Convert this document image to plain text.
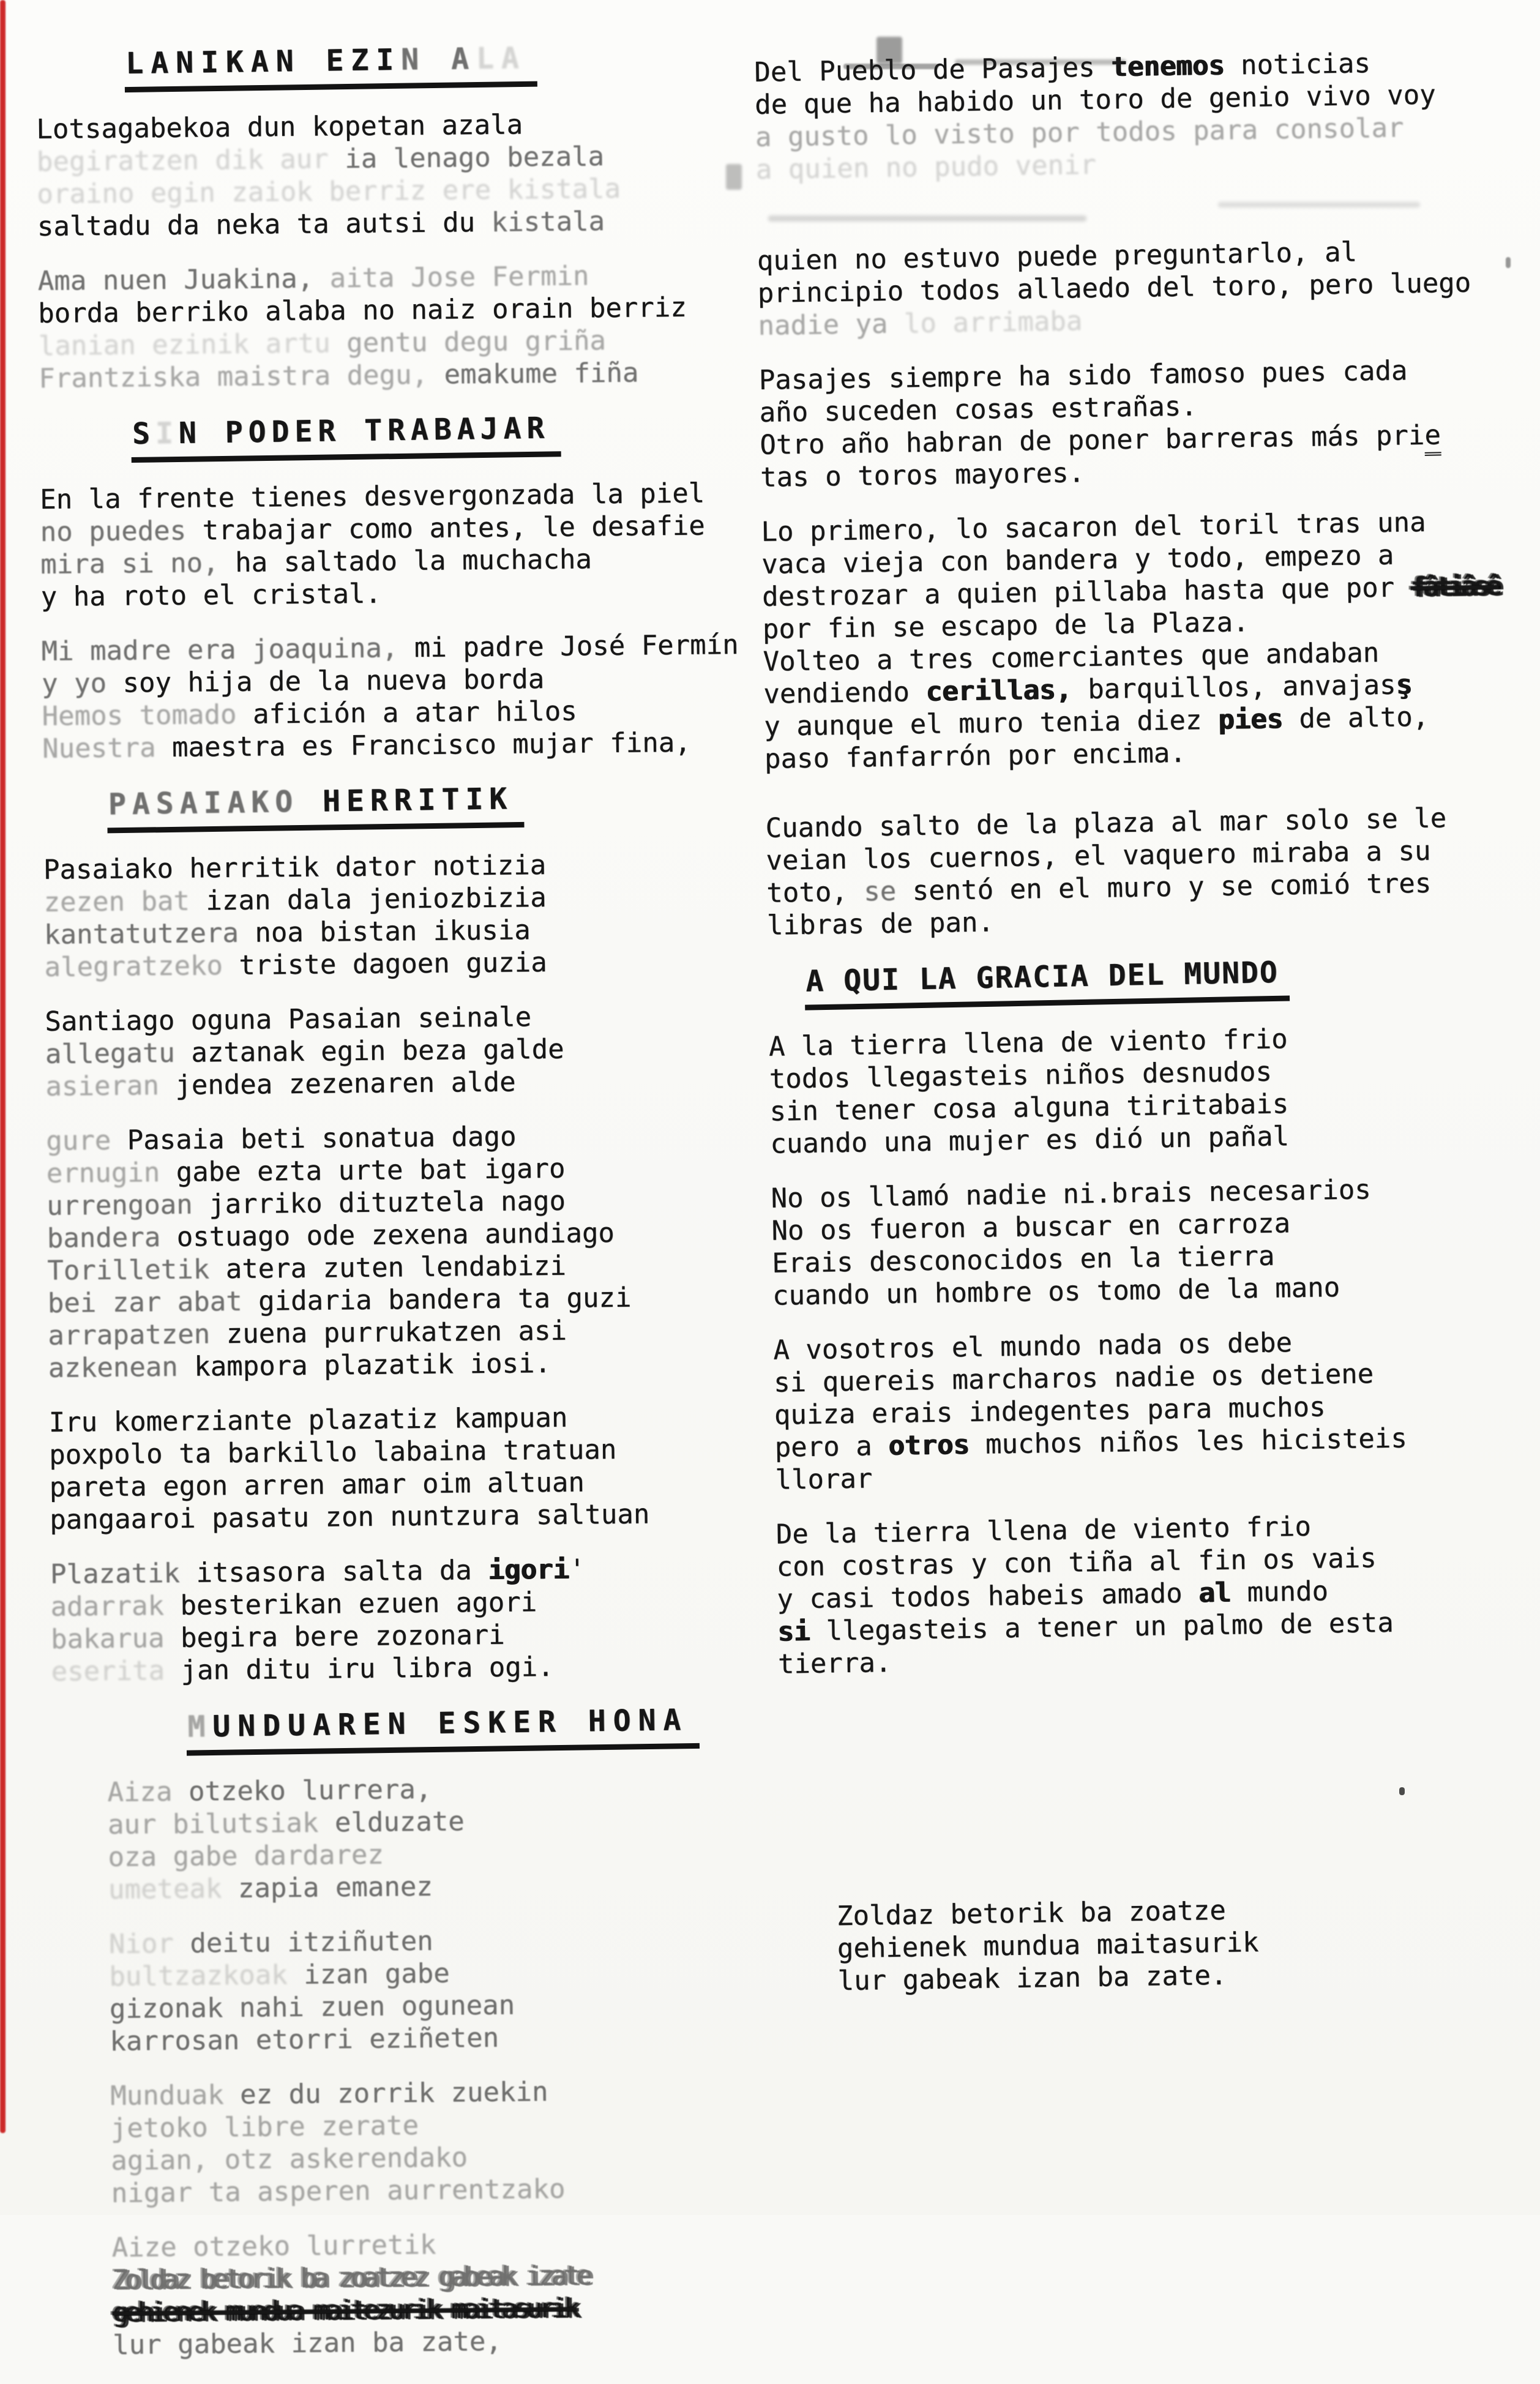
LANIKAN EZIN ALA
Lotsagabekoa dun kopetan azala
begiratzen dik aur ia lenago bezala
oraino egin zaiok berriz ere kistala
saltadu da neka ta autsi du kistala
Ama nuen Juakina, aita Jose Fermin
borda berriko alaba no naiz orain berriz
lanian ezinik artu gentu degu griña
Frantziska maistra degu, emakume fiña
SIN PODER TRABAJAR
En la frente tienes desvergonzada la piel
no puedes trabajar como antes, le desafie
mira si no, ha saltado la muchacha
y ha roto el cristal.
Mi madre era joaquina, mi padre José Fermín
y yo soy hija de la nueva borda
Hemos tomado afición a atar hilos
Nuestra maestra es Francisco mujar fina,
PASAIAKO HERRITIK
Pasaiako herritik dator notizia
zezen bat izan dala jeniozbizia
kantatutzera noa bistan ikusia
alegratzeko triste dagoen guzia
Santiago oguna Pasaian seinale
allegatu aztanak egin beza galde
asieran jendea zezenaren alde
gure Pasaia beti sonatua dago
ernugin gabe ezta urte bat igaro
urrengoan jarriko dituztela nago
bandera ostuago ode zexena aundiago
Torilletik atera zuten lendabizi
bei zar abat gidaria bandera ta guzi
arrapatzen zuena purrukatzen asi
azkenean kampora plazatik iosi.
Iru komerziante plazatiz kampuan
poxpolo ta barkillo labaina tratuan
pareta egon arren amar oim altuan
pangaaroi pasatu zon nuntzura saltuan
Plazatik itsasora salta da igori'
adarrak besterikan ezuen agori
bakarua begira bere zozonari
eserita jan ditu iru libra ogi.
MUNDUAREN ESKER HONA
Aiza otzeko lurrera,
aur bilutsiak elduzate
oza gabe dardarez
umeteak zapia emanez
Nior deitu itziñuten
bultzazkoak izan gabe
gizonak nahi zuen ogunean
karrosan etorri eziñeten
Munduak ez du zorrik zuekin
jetoko libre zerate
agian, otz askerendako
nigar ta asperen aurrentzako
Aize otzeko lurretik
Zoldaz betorik ba zoatzez gabeak izate
gehienek mundua maitezurik maitasurik
lur gabeak izan ba zate,
Del Pueblo de Pasajes tenemos noticias
de que ha habido un toro de genio vivo voy
a gusto lo visto por todos para consolar
a quien no pudo venir
quien no estuvo puede preguntarlo, al
principio todos allaedo del toro, pero luego
nadie ya lo arrimaba
Pasajes siempre ha sido famoso pues cada
año suceden cosas estrañas.
Otro año habran de poner barreras más prie
tas o toros mayores.
Lo primero, lo sacaron del toril tras una
vaca vieja con bandera y todo, empezo a
destrozar a quien pillaba hasta que por fâtiâsê
por fin se escapo de la Plaza.
Volteo a tres comerciantes que andaban
vendiendo cerillas, barquillos, anvajasş
y aunque el muro tenia diez pies de alto,
paso fanfarrón por encima.
Cuando salto de la plaza al mar solo se le
veian los cuernos, el vaquero miraba a su
toto, se sentó en el muro y se comió tres
libras de pan.
A QUI LA GRACIA DEL MUNDO
A la tierra llena de viento frio
todos llegasteis niños desnudos
sin tener cosa alguna tiritabais
cuando una mujer es dió un pañal
No os llamó nadie ni.brais necesarios
No os fueron a buscar en carroza
Erais desconocidos en la tierra
cuando un hombre os tomo de la mano
A vosotros el mundo nada os debe
si quereis marcharos nadie os detiene
quiza erais indegentes para muchos
pero a otros muchos niños les hicisteis
llorar
De la tierra llena de viento frio
con costras y con tiña al fin os vais
y casi todos habeis amado al mundo
si llegasteis a tener un palmo de esta
tierra.
Zoldaz betorik ba zoatze
gehienek mundua maitasurik
lur gabeak izan ba zate.
